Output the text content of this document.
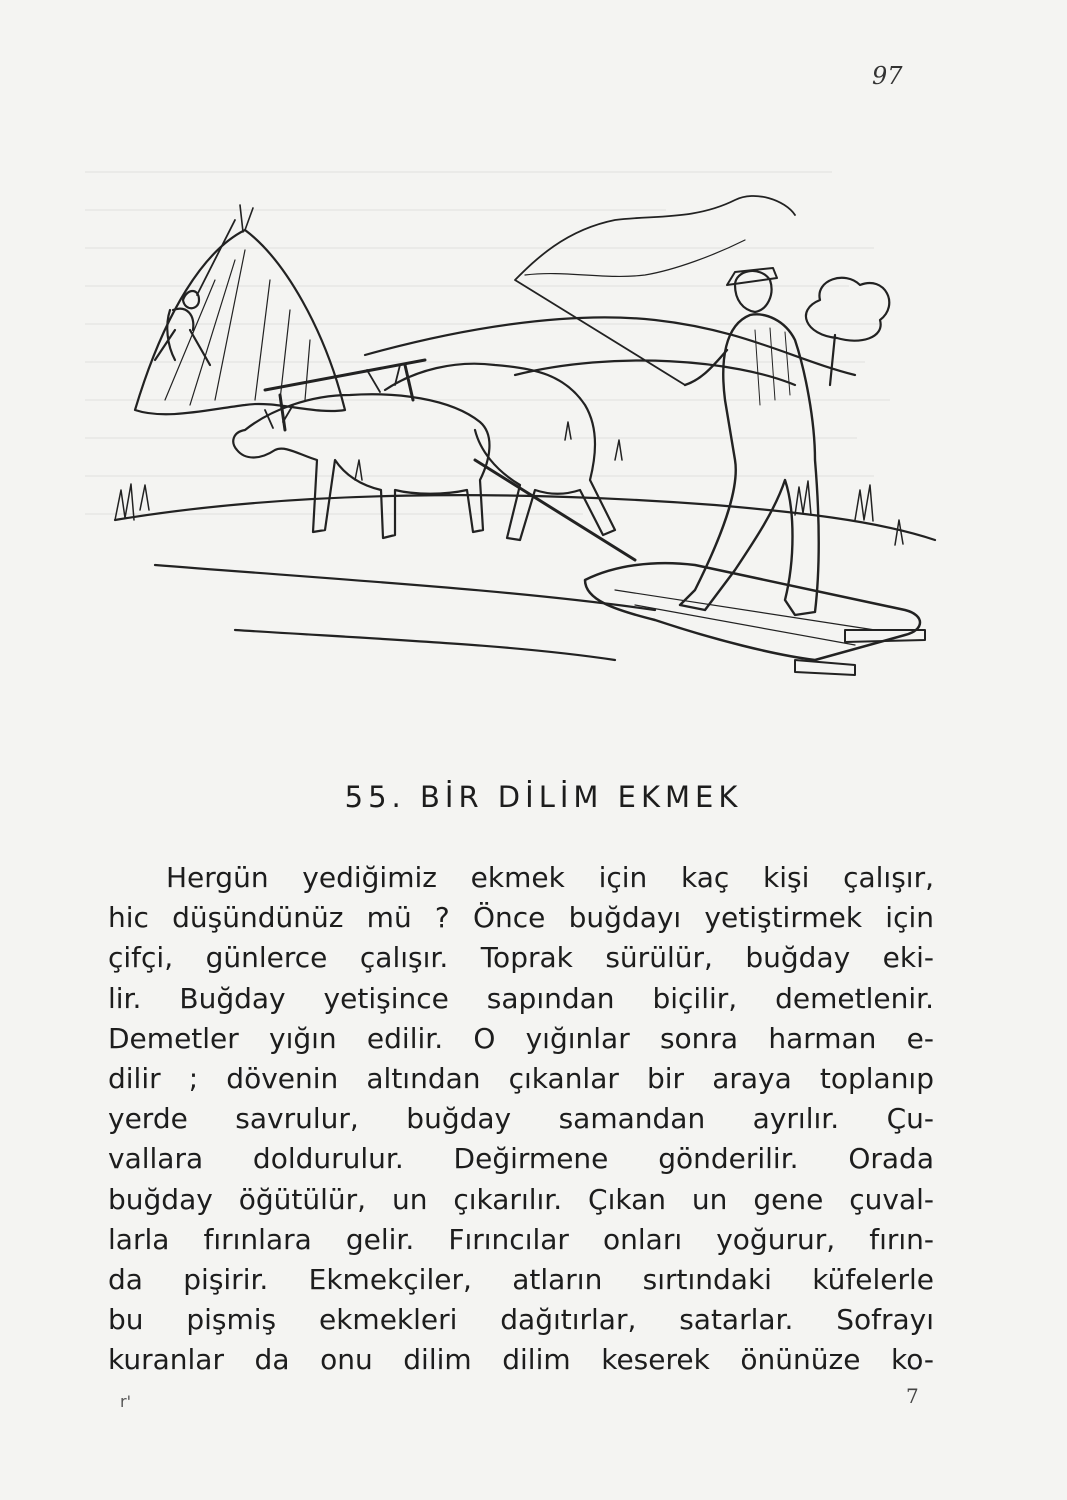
97
55. BİR DİLİM EKMEK
Hergün yediğimiz ekmek için kaç kişi çalışır,
hic düşündünüz mü ? Önce buğdayı yetiştirmek için
çifçi, günlerce çalışır. Toprak sürülür, buğday eki-
lir. Buğday yetişince sapından biçilir, demetlenir.
Demetler yığın edilir. O yığınlar sonra harman e-
dilir ; dövenin altından çıkanlar bir araya toplanıp
yerde savrulur, buğday samandan ayrılır. Çu-
vallara doldurulur. Değirmene gönderilir. Orada
buğday öğütülür, un çıkarılır. Çıkan un gene çuval-
larla fırınlara gelir. Fırıncılar onları yoğurur, fırın-
da pişirir. Ekmekçiler, atların sırtındaki küfelerle
bu pişmiş ekmekleri dağıtırlar, satarlar. Sofrayı
kuranlar da onu dilim dilim keserek önünüze ko-
r'	7
